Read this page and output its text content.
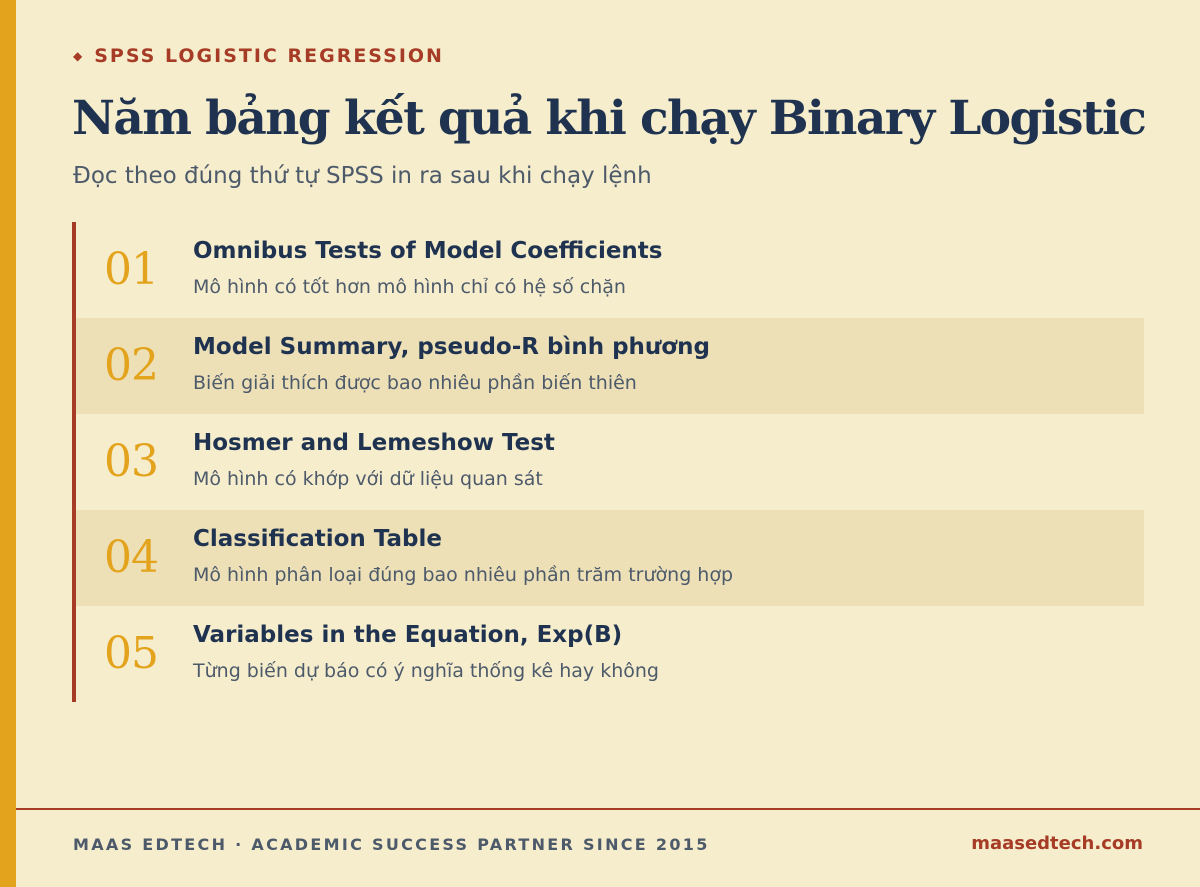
◆ SPSS LOGISTIC REGRESSION
Năm bảng kết quả khi chạy Binary Logistic
Đọc theo đúng thứ tự SPSS in ra sau khi chạy lệnh
01 Omnibus Tests of Model Coefficients
Mô hình có tốt hơn mô hình chỉ có hệ số chặn
02 Model Summary, pseudo-R bình phương
Biến giải thích được bao nhiêu phần biến thiên
03 Hosmer and Lemeshow Test
Mô hình có khớp với dữ liệu quan sát
04 Classification Table
Mô hình phân loại đúng bao nhiêu phần trăm trường hợp
05 Variables in the Equation, Exp(B)
Từng biến dự báo có ý nghĩa thống kê hay không
MAAS EDTECH · ACADEMIC SUCCESS PARTNER SINCE 2015	maasedtech.com
